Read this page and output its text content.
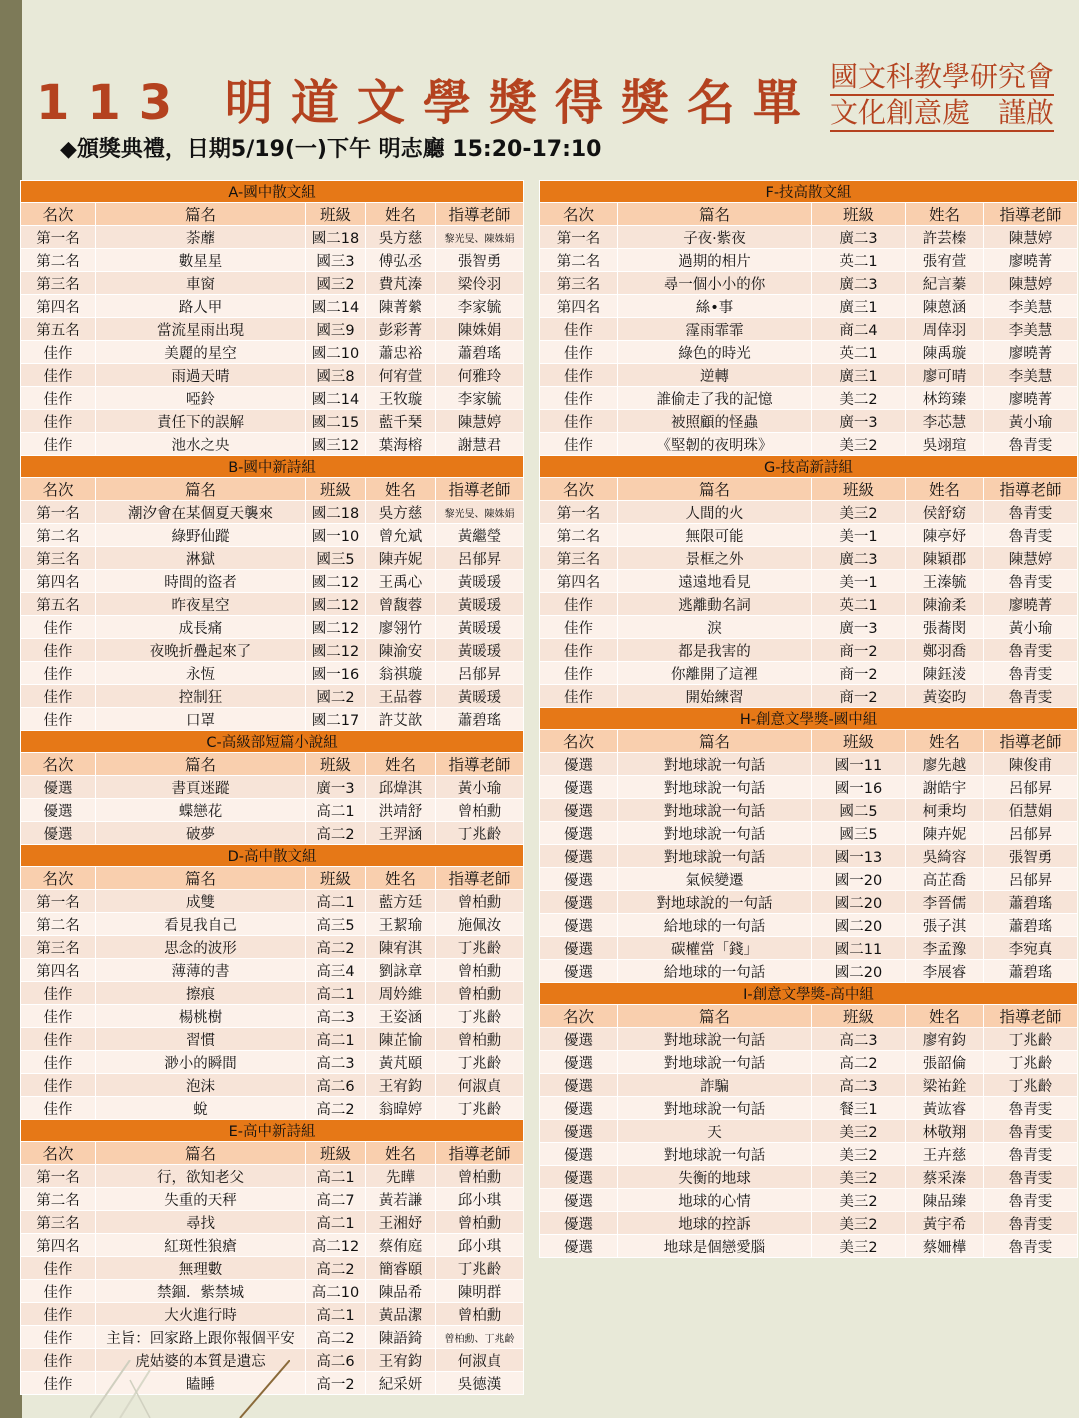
113 明道文學獎得獎名單
◆頒獎典禮，日期5/19(一)下午 明志廳 15:20-17:10
國文科教學研究會
文化創意處　謹啟
A-國中散文組				
名次	篇名	班級	姓名	指導老師
第一名	荼蘼	國二18	吳方慈	黎光旻、陳姝娟
第二名	數星星	國三3	傅弘丞	張智勇
第三名	車窗	國三2	費芃溱	梁伶羽
第四名	路人甲	國二14	陳菁縈	李家毓
第五名	當流星雨出現	國三9	彭彩菁	陳姝娟
佳作	美麗的星空	國二10	蕭忠裕	蕭碧瑤
佳作	雨過天晴	國三8	何宥萱	何雅玲
佳作	啞鈴	國二14	王牧璇	李家毓
佳作	責任下的誤解	國二15	藍千琹	陳慧婷
佳作	池水之央	國三12	葉海榕	謝慧君
B-國中新詩組				
名次	篇名	班級	姓名	指導老師
第一名	潮汐會在某個夏天襲來	國二18	吳方慈	黎光旻、陳姝娟
第二名	綠野仙蹤	國一10	曾允斌	黃繼瑩
第三名	淋獄	國三5	陳卉妮	呂郁昇
第四名	時間的盜者	國二12	王禹心	黃暖瑗
第五名	昨夜星空	國二12	曾馥蓉	黃暖瑗
佳作	成長痛	國二12	廖翎竹	黃暖瑗
佳作	夜晚折疊起來了	國二12	陳渝安	黃暖瑗
佳作	永恆	國一16	翁祺璇	呂郁昇
佳作	控制狂	國二2	王品蓉	黃暖瑗
佳作	口罩	國二17	許艾歆	蕭碧瑤
C-高級部短篇小說組				
名次	篇名	班級	姓名	指導老師
優選	書頁迷蹤	廣一3	邱煒淇	黃小瑜
優選	蝶戀花	高二1	洪靖舒	曾柏勳
優選	破夢	高二2	王羿涵	丁兆齡
D-高中散文組				
名次	篇名	班級	姓名	指導老師
第一名	成雙	高二1	藍方廷	曾柏勳
第二名	看見我自己	高三5	王絜瑜	施佩汝
第三名	思念的波形	高二2	陳宥淇	丁兆齡
第四名	薄薄的書	高三4	劉詠章	曾柏勳
佳作	擦痕	高二1	周妗維	曾柏勳
佳作	楊桃樹	高二3	王姿涵	丁兆齡
佳作	習慣	高二1	陳芷愉	曾柏勳
佳作	渺小的瞬間	高二3	黃芃頤	丁兆齡
佳作	泡沫	高二6	王宥鈞	何淑貞
佳作	蛻	高二2	翁暐婷	丁兆齡
E-高中新詩組				
名次	篇名	班級	姓名	指導老師
第一名	行，欲知老父	高二1	先瞱	曾柏勳
第二名	失重的天秤	高二7	黃若謙	邱小琪
第三名	尋找	高二1	王湘妤	曾柏勳
第四名	紅斑性狼瘡	高二12	蔡侑庭	邱小琪
佳作	無理數	高二2	簡睿頤	丁兆齡
佳作	禁錮．紫禁城	高二10	陳品希	陳明群
佳作	大火進行時	高二1	黃品潔	曾柏勳
佳作	主旨：回家路上跟你報個平安	高二2	陳語錡	曾柏勳、丁兆齡
佳作	虎姑婆的本質是遺忘	高二6	王宥鈞	何淑貞
佳作	瞌睡	高一2	紀采妍	吳德漢
F-技高散文組				
名次	篇名	班級	姓名	指導老師
第一名	子夜·紫夜	廣二3	許芸榛	陳慧婷
第二名	過期的相片	英二1	張宥萱	廖曉菁
第三名	尋一個小小的你	廣二3	紀言蓁	陳慧婷
第四名	絲•事	廣三1	陳蒽涵	李美慧
佳作	霪雨霏霏	商二4	周倖羽	李美慧
佳作	綠色的時光	英二1	陳禹璇	廖曉菁
佳作	逆轉	廣三1	廖可晴	李美慧
佳作	誰偷走了我的記憶	美二2	林筠臻	廖曉菁
佳作	被照顧的怪蟲	廣一3	李芯慧	黃小瑜
佳作	《堅韌的夜明珠》	美三2	吳翊瑄	魯青雯
G-技高新詩組				
名次	篇名	班級	姓名	指導老師
第一名	人間的火	美三2	侯舒窈	魯青雯
第二名	無限可能	美一1	陳亭妤	魯青雯
第三名	景框之外	廣二3	陳穎郡	陳慧婷
第四名	遠遠地看見	美一1	王溱毓	魯青雯
佳作	逃離動名詞	英二1	陳渝柔	廖曉菁
佳作	淚	廣一3	張蕎閔	黃小瑜
佳作	都是我害的	商一2	鄭羽喬	魯青雯
佳作	你離開了這裡	商一2	陳鈺淩	魯青雯
佳作	開始練習	商一2	黃姿昀	魯青雯
H-創意文學獎-國中組				
名次	篇名	班級	姓名	指導老師
優選	對地球說一句話	國一11	廖先越	陳俊甫
優選	對地球說一句話	國一16	謝皓宇	呂郁昇
優選	對地球說一句話	國二5	柯秉均	佰慧娟
優選	對地球說一句話	國三5	陳卉妮	呂郁昇
優選	對地球說一句話	國一13	吳綺容	張智勇
優選	氣候變遷	國一20	高芷喬	呂郁昇
優選	對地球說的一句話	國二20	李晉儒	蕭碧瑤
優選	給地球的一句話	國二20	張子淇	蕭碧瑤
優選	碳權當「錢」	國二11	李孟豫	李宛真
優選	給地球的一句話	國二20	李展睿	蕭碧瑤
I-創意文學獎-高中組				
名次	篇名	班級	姓名	指導老師
優選	對地球說一句話	高二3	廖宥鈞	丁兆齡
優選	對地球說一句話	高二2	張韶倫	丁兆齡
優選	詐騙	高二3	梁祐銓	丁兆齡
優選	對地球說一句話	餐三1	黃竑睿	魯青雯
優選	天	美三2	林敬翔	魯青雯
優選	對地球說一句話	美三2	王卉慈	魯青雯
優選	失衡的地球	美三2	蔡采溱	魯青雯
優選	地球的心情	美三2	陳品臻	魯青雯
優選	地球的控訴	美三2	黃宇希	魯青雯
優選	地球是個戀愛腦	美三2	蔡姍樺	魯青雯
